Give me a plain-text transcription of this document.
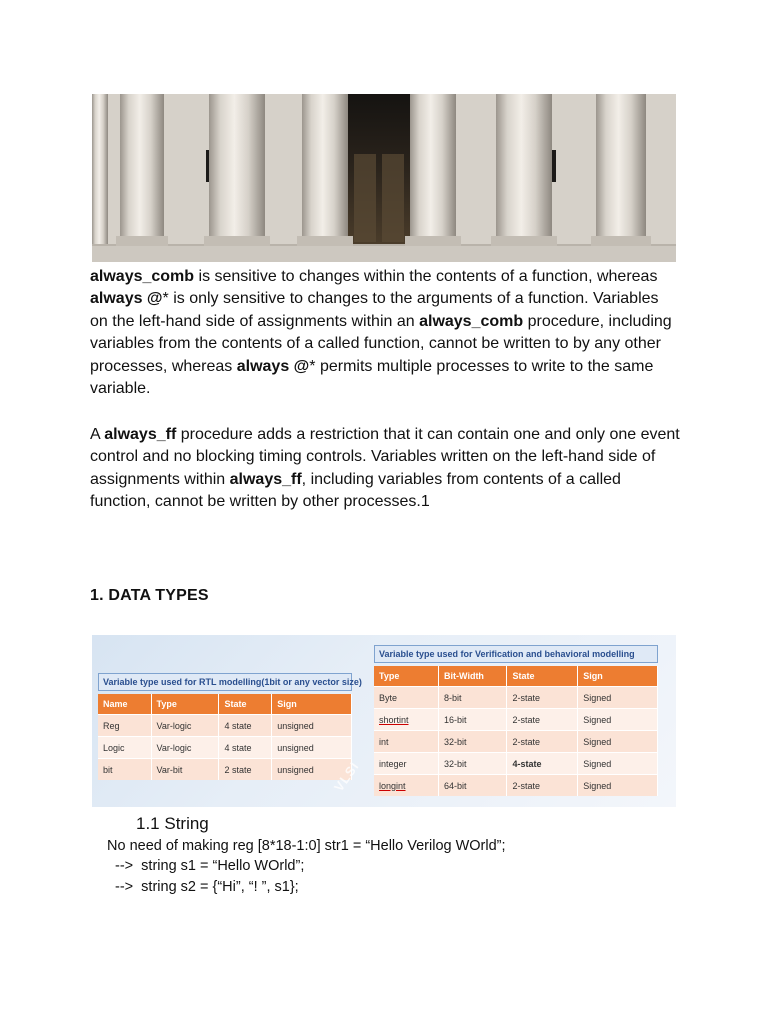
always_comb is sensitive to changes within the contents of a function, whereas always @* is only sensitive to changes to the arguments of a function. Variables on the left-hand side of assignments within an always_comb procedure, including variables from the contents of a called function, cannot be written to by any other processes, whereas always @* permits multiple processes to write to the same variable.

A always_ff procedure adds a restriction that it can contain one and only one event control and no blocking timing controls. Variables written on the left-hand side of assignments within always_ff, including variables from contents of a called function, cannot be written by other processes.1

1. DATA TYPES
Variable type used for RTL modelling(1bit or any vector size)
Name	Type	State	Sign
Reg	Var-logic	4 state	unsigned
Logic	Var-logic	4 state	unsigned
bit	Var-bit	2 state	unsigned
Variable type used for Verification and behavioral modelling
Type	Bit-Width	State	Sign
Byte	8-bit	2-state	Signed
shortint	16-bit	2-state	Signed
int	32-bit	2-state	Signed
integer	32-bit	4-state	Signed
longint	64-bit	2-state	Signed
VLSI
1.1 String

No need of making reg [8*18-1:0] str1 = “Hello Verilog WOrld”;

-->  string s1 = “Hello WOrld”;

-->  string s2 = {“Hi”, “! ”, s1};
